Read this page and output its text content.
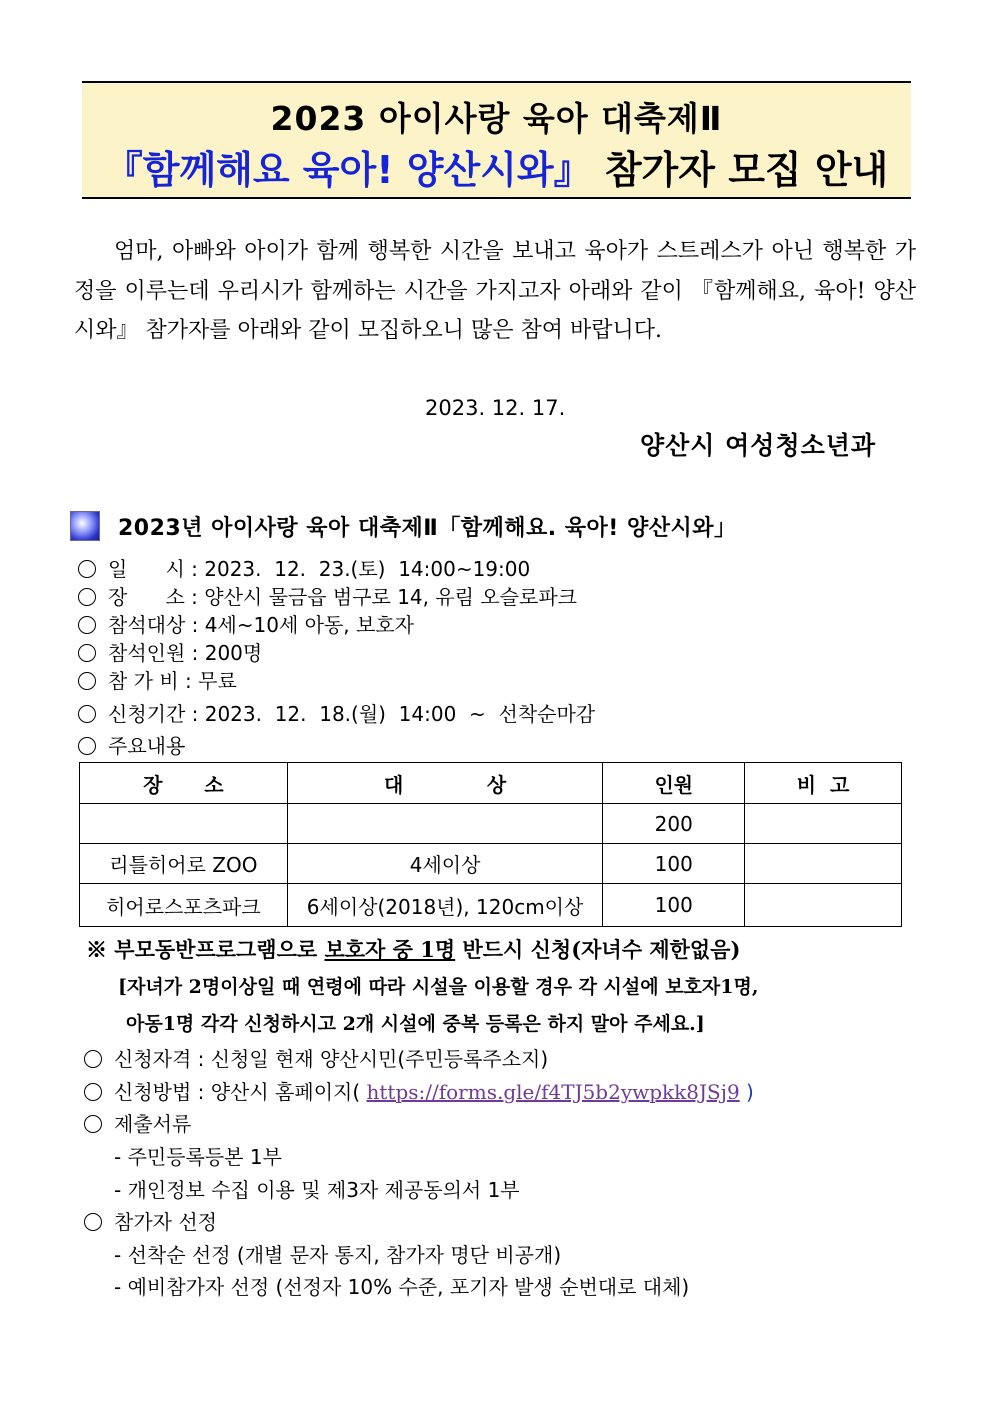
2023 아이사랑 육아 대축제Ⅱ
『함께해요 육아! 양산시와』 참가자 모집 안내
엄마, 아빠와 아이가 함께 행복한 시간을 보내고 육아가 스트레스가 아닌 행복한 가정을 이루는데 우리시가 함께하는 시간을 가지고자 아래와 같이 『함께해요, 육아! 양산시와』 참가자를 아래와 같이 모집하오니 많은 참여 바랍니다.
2023. 12. 17.
양산시 여성청소년과
2023년 아이사랑 육아 대축제Ⅱ「함께해요. 육아! 양산시와」
일      시 : 2023.  12.  23.(토)  14:00~19:00
장      소 : 양산시 물금읍 범구로 14, 유림 오슬로파크
참석대상 : 4세~10세 아동, 보호자
참석인원 : 200명
참 가 비 : 무료
신청기간 : 2023.  12.  18.(월)  14:00  ~  선착순마감
주요내용
장      소	대            상	인원	비  고
		200	
리틀히어로 ZOO	4세이상	100	
히어로스포츠파크	6세이상(2018년), 120cm이상	100	
※ 부모동반프로그램으로 보호자 중 1명 반드시 신청(자녀수 제한없음)
[자녀가 2명이상일 때 연령에 따라 시설을 이용할 경우 각 시설에 보호자1명,
아동1명 각각 신청하시고 2개 시설에 중복 등록은 하지 말아 주세요.]
신청자격 : 신청일 현재 양산시민(주민등록주소지)
신청방법 : 양산시 홈페이지( https://forms.gle/f4TJ5b2ywpkk8JSj9 )
제출서류
- 주민등록등본 1부
- 개인정보 수집 이용 및 제3자 제공동의서 1부
참가자 선정
- 선착순 선정 (개별 문자 통지, 참가자 명단 비공개)
- 예비참가자 선정 (선정자 10% 수준, 포기자 발생 순번대로 대체)
